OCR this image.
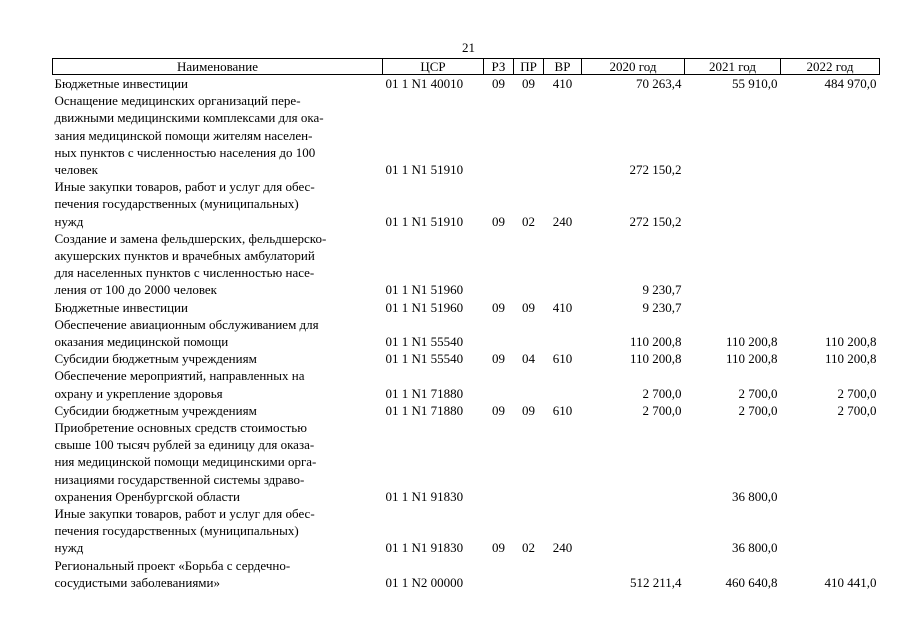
21
Наименование	ЦСР	РЗ	ПР	ВР	2020 год	2021 год	2022 год

Бюджетные инвестиции	01 1 N1 40010	09	09	410	70 263,4	55 910,0	484 970,0

Оснащение медицинских организаций пере-
движными медицинскими комплексами для ока-
зания медицинской помощи жителям населен-
ных пунктов с численностью населения до 100
человек	01 1 N1 51910				272 150,2		

Иные закупки товаров, работ и услуг для обес-
печения государственных (муниципальных)
нужд	01 1 N1 51910	09	02	240	272 150,2		

Создание и замена фельдшерских, фельдшерско-
акушерских пунктов и врачебных амбулаторий
для населенных пунктов с численностью насе-
ления от 100 до 2000 человек	01 1 N1 51960				9 230,7		

Бюджетные инвестиции	01 1 N1 51960	09	09	410	9 230,7		

Обеспечение авиационным обслуживанием для
оказания медицинской помощи	01 1 N1 55540				110 200,8	110 200,8	110 200,8

Субсидии бюджетным учреждениям	01 1 N1 55540	09	04	610	110 200,8	110 200,8	110 200,8

Обеспечение мероприятий, направленных на
охрану и укрепление здоровья	01 1 N1 71880				2 700,0	2 700,0	2 700,0

Субсидии бюджетным учреждениям	01 1 N1 71880	09	09	610	2 700,0	2 700,0	2 700,0

Приобретение основных средств стоимостью
свыше 100 тысяч рублей за единицу для оказа-
ния медицинской помощи медицинскими орга-
низациями государственной системы здраво-
охранения Оренбургской области	01 1 N1 91830					36 800,0	

Иные закупки товаров, работ и услуг для обес-
печения государственных (муниципальных)
нужд	01 1 N1 91830	09	02	240		36 800,0	

Региональный проект «Борьба с сердечно-
сосудистыми заболеваниями»	01 1 N2 00000				512 211,4	460 640,8	410 441,0
